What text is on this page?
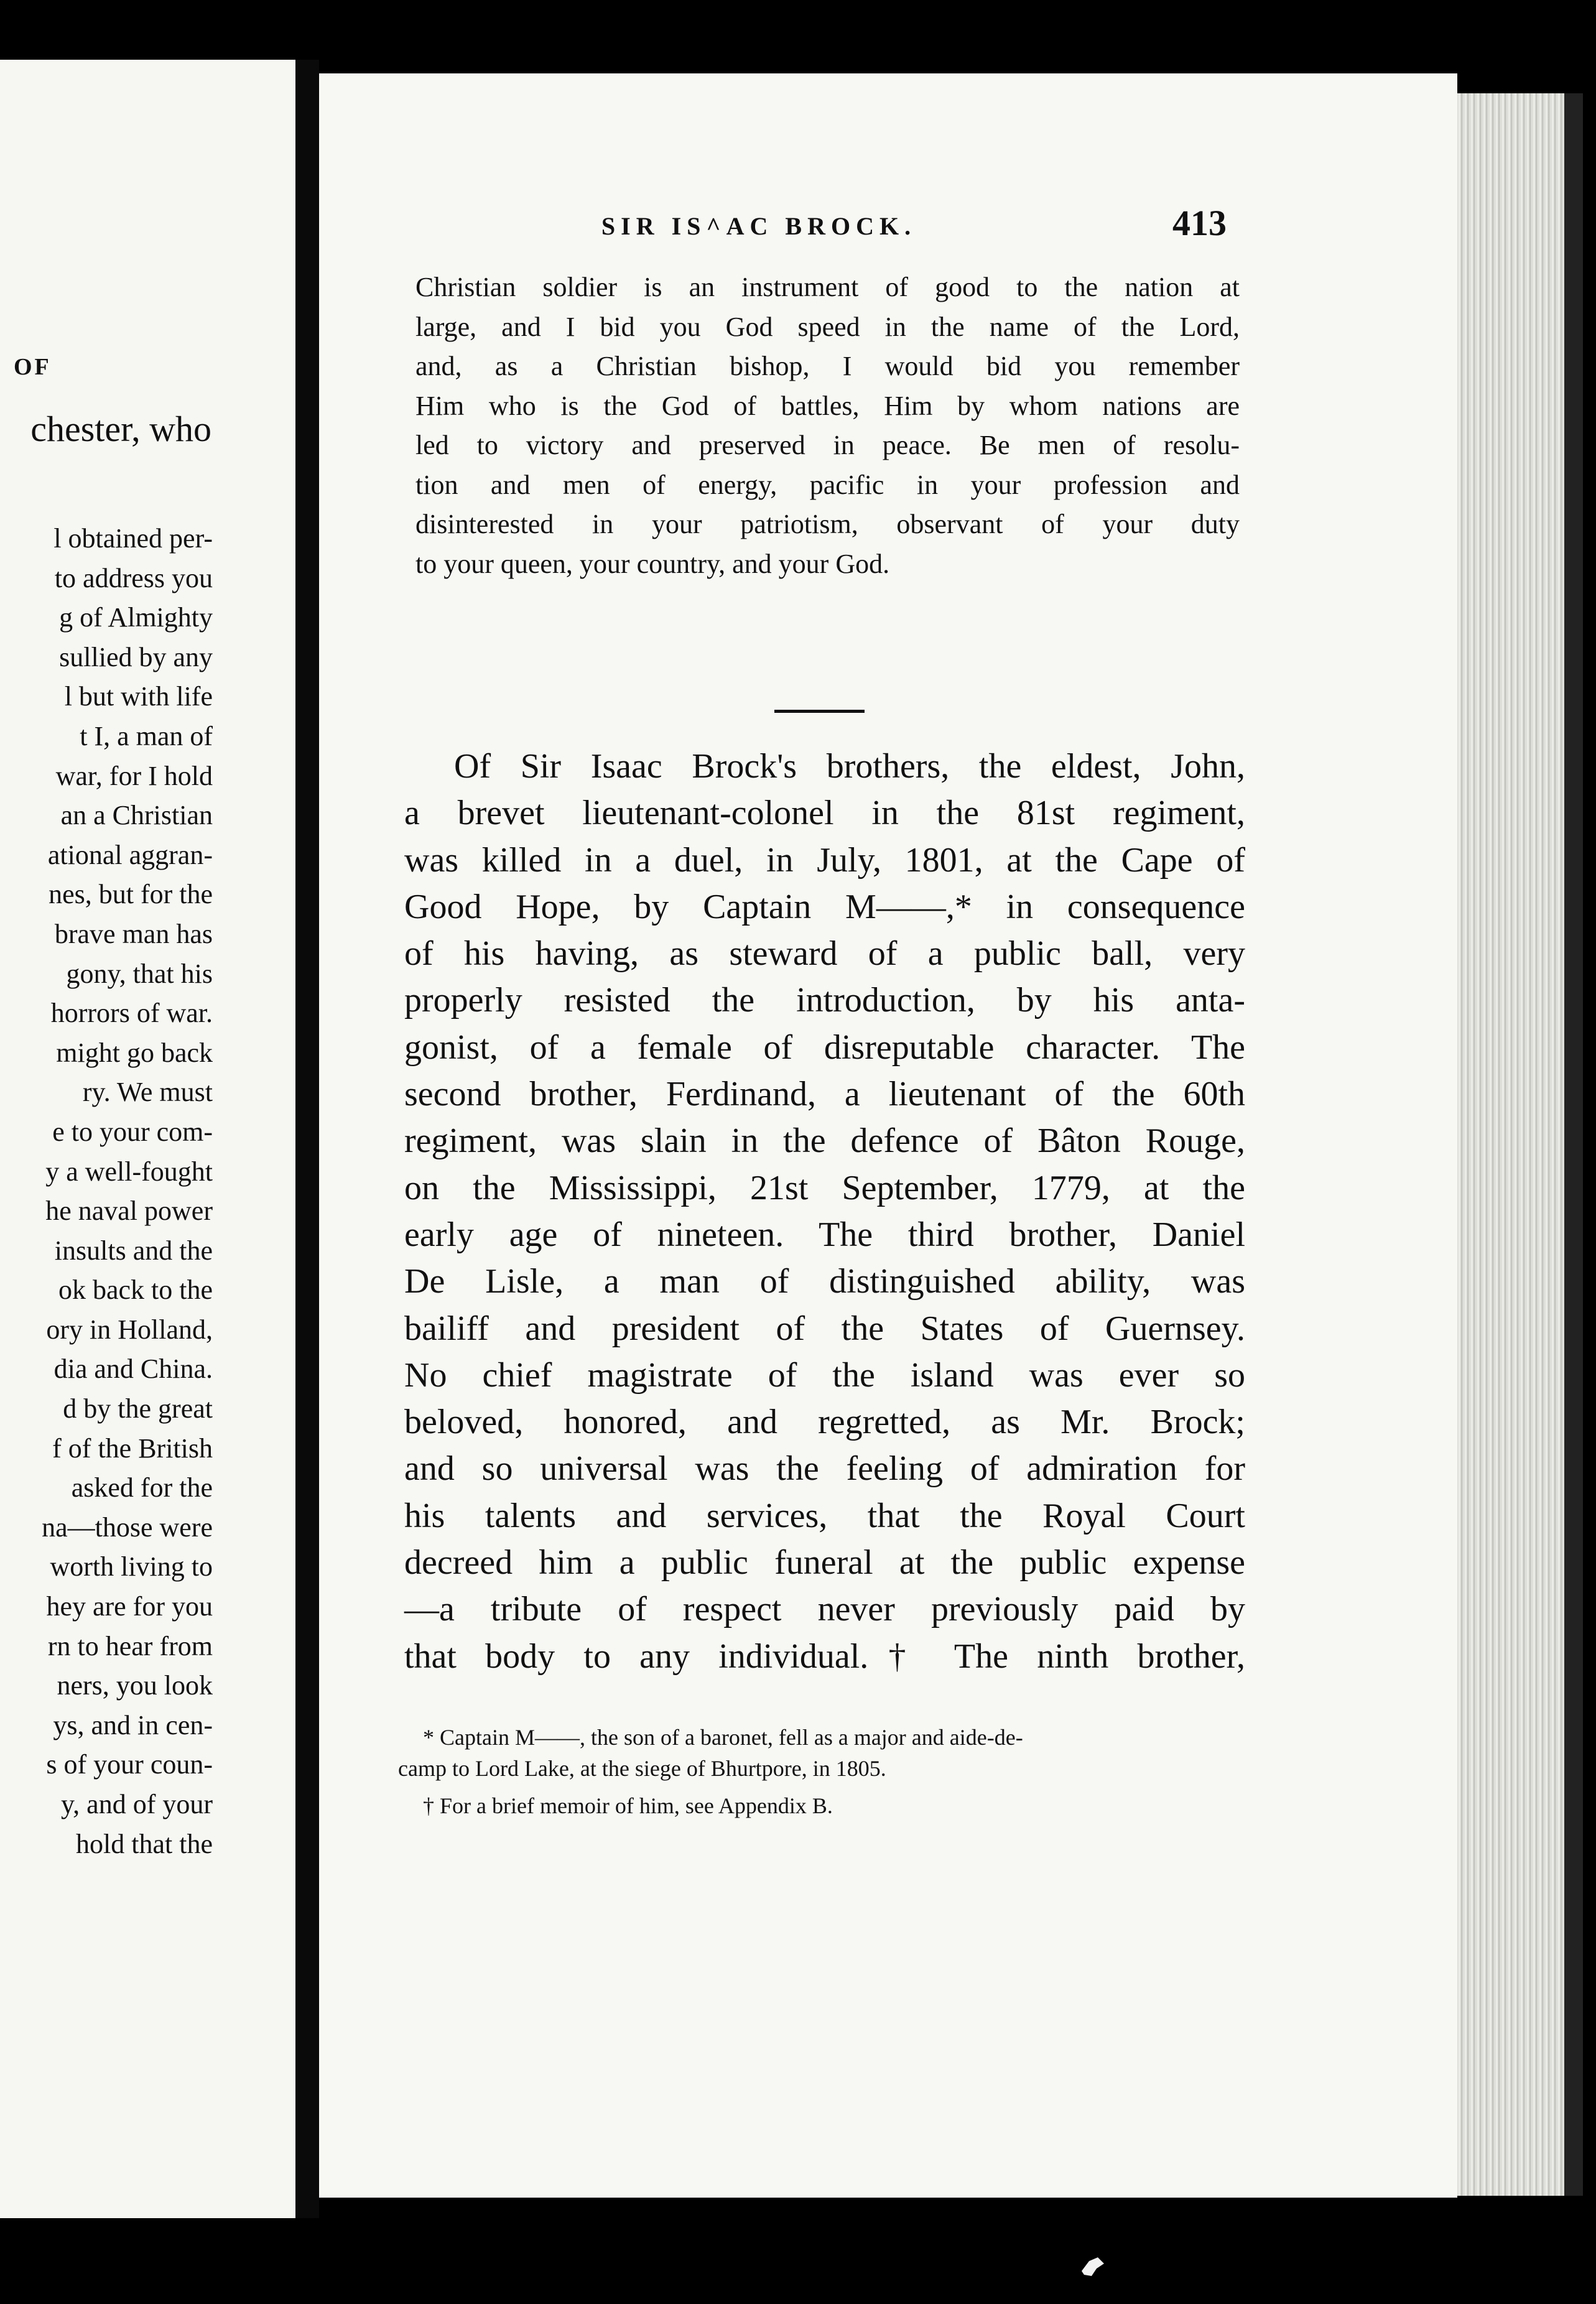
OF
chester, who
l obtained per-
to address you
g of Almighty
sullied by any
l but with life
t I, a man of
war, for I hold
an a Christian
ational aggran-
nes, but for the
brave man has
gony, that his
horrors of war.
might go back
ry. We must
e to your com-
y a well-fought
he naval power
insults and the
ok back to the
ory in Holland,
dia and China.
d by the great
f of the British
asked for the
na—those were
worth living to
hey are for you
rn to hear from
ners, you look
ys, and in cen-
s of your coun-
y, and of your
hold that the
SIR IS^AC BROCK.	413
Christian soldier is an instrument of good to the nation at
large, and I bid you God speed in the name of the Lord,
and, as a Christian bishop, I would bid you remember
Him who is the God of battles, Him by whom nations are
led to victory and preserved in peace. Be men of resolu-
tion and men of energy, pacific in your profession and
disinterested in your patriotism, observant of your duty
to your queen, your country, and your God.
Of Sir Isaac Brock's brothers, the eldest, John,
a brevet lieutenant-colonel in the 81st regiment,
was killed in a duel, in July, 1801, at the Cape of
Good Hope, by Captain M——,* in consequence
of his having, as steward of a public ball, very
properly resisted the introduction, by his anta-
gonist, of a female of disreputable character. The
second brother, Ferdinand, a lieutenant of the 60th
regiment, was slain in the defence of Bâton Rouge,
on the Mississippi, 21st September, 1779, at the
early age of nineteen. The third brother, Daniel
De Lisle, a man of distinguished ability, was
bailiff and president of the States of Guernsey.
No chief magistrate of the island was ever so
beloved, honored, and regretted, as Mr. Brock;
and so universal was the feeling of admiration for
his talents and services, that the Royal Court
decreed him a public funeral at the public expense
—a tribute of respect never previously paid by
that body to any individual.† The ninth brother,
* Captain M——, the son of a baronet, fell as a major and aide-de-
camp to Lord Lake, at the siege of Bhurtpore, in 1805.
† For a brief memoir of him, see Appendix B.
